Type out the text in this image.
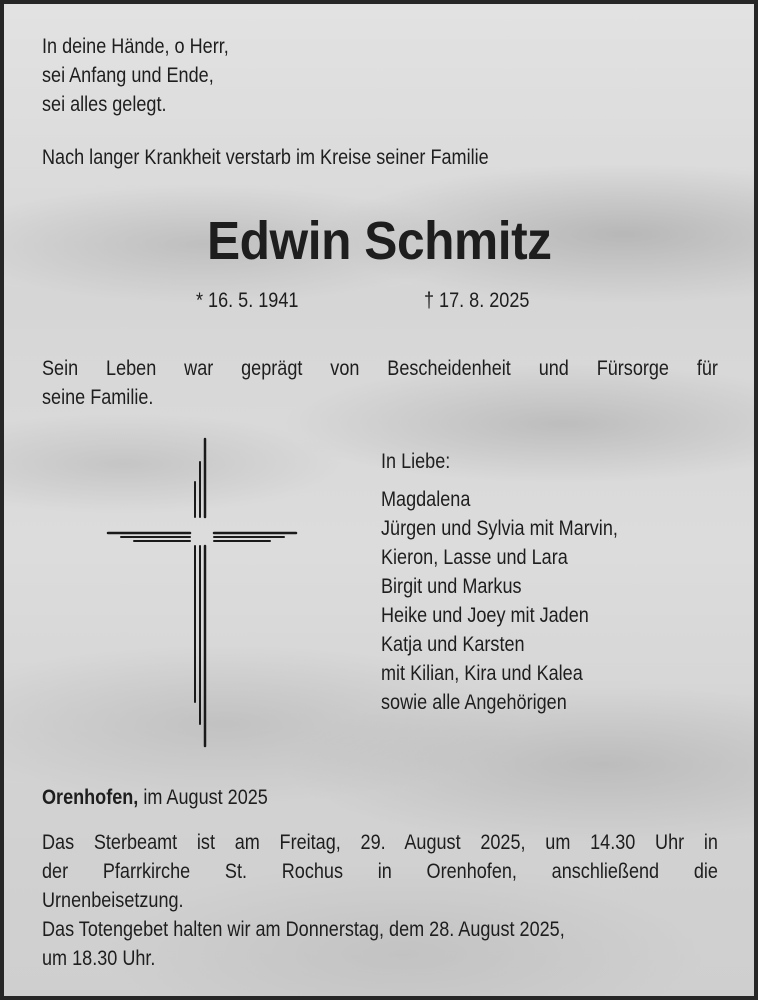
In deine Hände, o Herr,
sei Anfang und Ende,
sei alles gelegt.
Nach langer Krankheit verstarb im Kreise seiner Familie
Edwin Schmitz
* 16. 5. 1941	† 17. 8. 2025
Sein Leben war geprägt von Bescheidenheit und Fürsorge für
seine Familie.
In Liebe:
Magdalena
Jürgen und Sylvia mit Marvin,
Kieron, Lasse und Lara
Birgit und Markus
Heike und Joey mit Jaden
Katja und Karsten
mit Kilian, Kira und Kalea
sowie alle Angehörigen
Orenhofen, im August 2025
Das Sterbeamt ist am Freitag, 29. August 2025, um 14.30 Uhr in
der Pfarrkirche St. Rochus in Orenhofen, anschließend die
Urnenbeisetzung.
Das Totengebet halten wir am Donnerstag, dem 28. August 2025,
um 18.30 Uhr.
